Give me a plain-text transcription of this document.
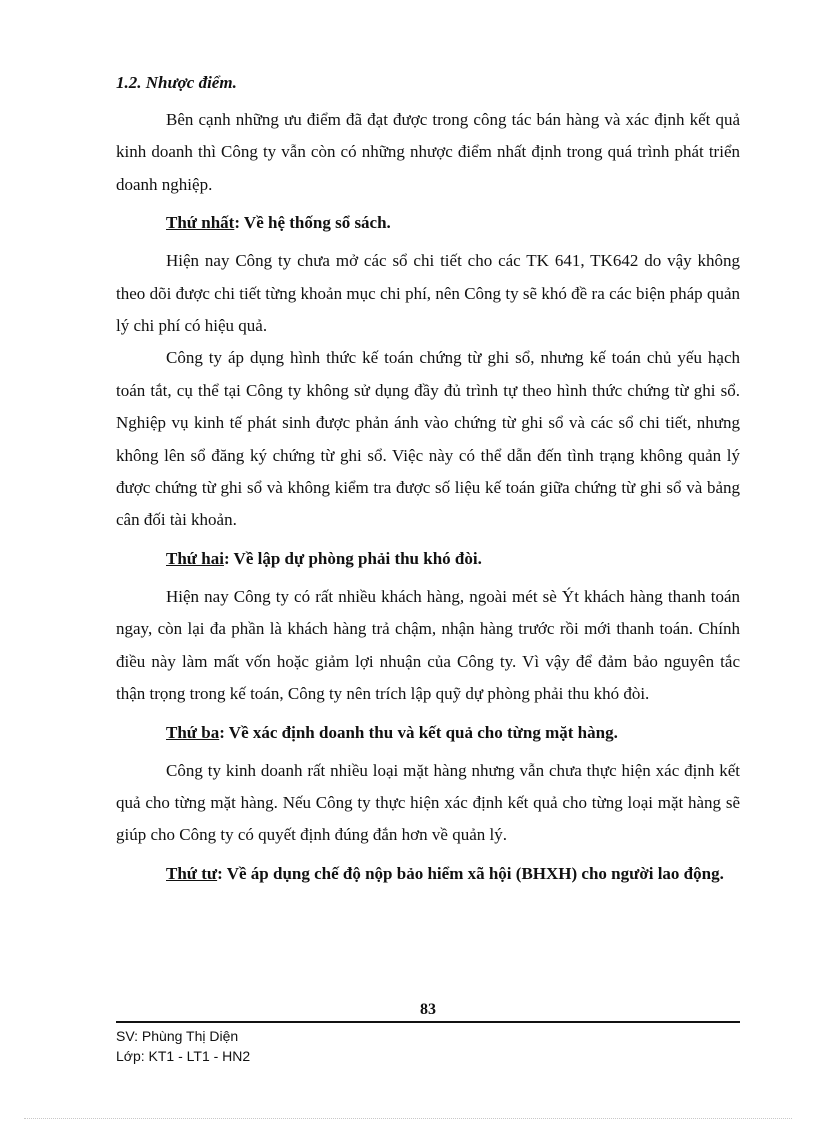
1.2. Nhược điểm.

Bên cạnh những ưu điểm đã đạt được trong công tác bán hàng và xác định kết quả kinh doanh thì Công ty vẫn còn có những nhược điểm nhất định trong quá trình phát triển doanh nghiệp.

Thứ nhất: Về hệ thống sổ sách.

Hiện nay Công ty chưa mở các sổ chi tiết cho các TK 641, TK642 do vậy không theo dõi được chi tiết từng khoản mục chi phí, nên Công ty sẽ khó đề ra các biện pháp quản lý chi phí có hiệu quả.

Công ty áp dụng hình thức kế toán chứng từ ghi sổ, nhưng kế toán chủ yếu hạch toán tắt, cụ thể tại Công ty không sử dụng đầy đủ trình tự theo hình thức chứng từ ghi sổ. Nghiệp vụ kinh tế phát sinh được phản ánh vào chứng từ ghi sổ và các sổ chi tiết, nhưng không lên sổ đăng ký chứng từ ghi sổ. Việc này có thể dẫn đến tình trạng không quản lý được chứng từ ghi sổ và không kiểm tra được số liệu kế toán giữa chứng từ ghi sổ và bảng cân đối tài khoản.

Thứ hai: Về lập dự phòng phải thu khó đòi.

Hiện nay Công ty có rất nhiều khách hàng, ngoài mét sè Ýt khách hàng thanh toán ngay, còn lại đa phần là khách hàng trả chậm, nhận hàng trước rồi mới thanh toán. Chính điều này làm mất vốn hoặc giảm lợi nhuận của Công ty. Vì vậy để đảm bảo nguyên tắc thận trọng trong kế toán, Công ty nên trích lập quỹ dự phòng phải thu khó đòi.

Thứ ba: Về xác định doanh thu và kết quả cho từng mặt hàng.

Công ty kinh doanh rất nhiều loại mặt hàng nhưng vẫn chưa thực hiện xác định kết quả cho từng mặt hàng. Nếu Công ty thực hiện xác định kết quả cho từng loại mặt hàng sẽ giúp cho Công ty có quyết định đúng đắn hơn về quản lý.

Thứ tư: Về áp dụng chế độ nộp bảo hiểm xã hội (BHXH) cho người lao động.
83
SV: Phùng Thị Diện
Lớp: KT1 - LT1 - HN2
